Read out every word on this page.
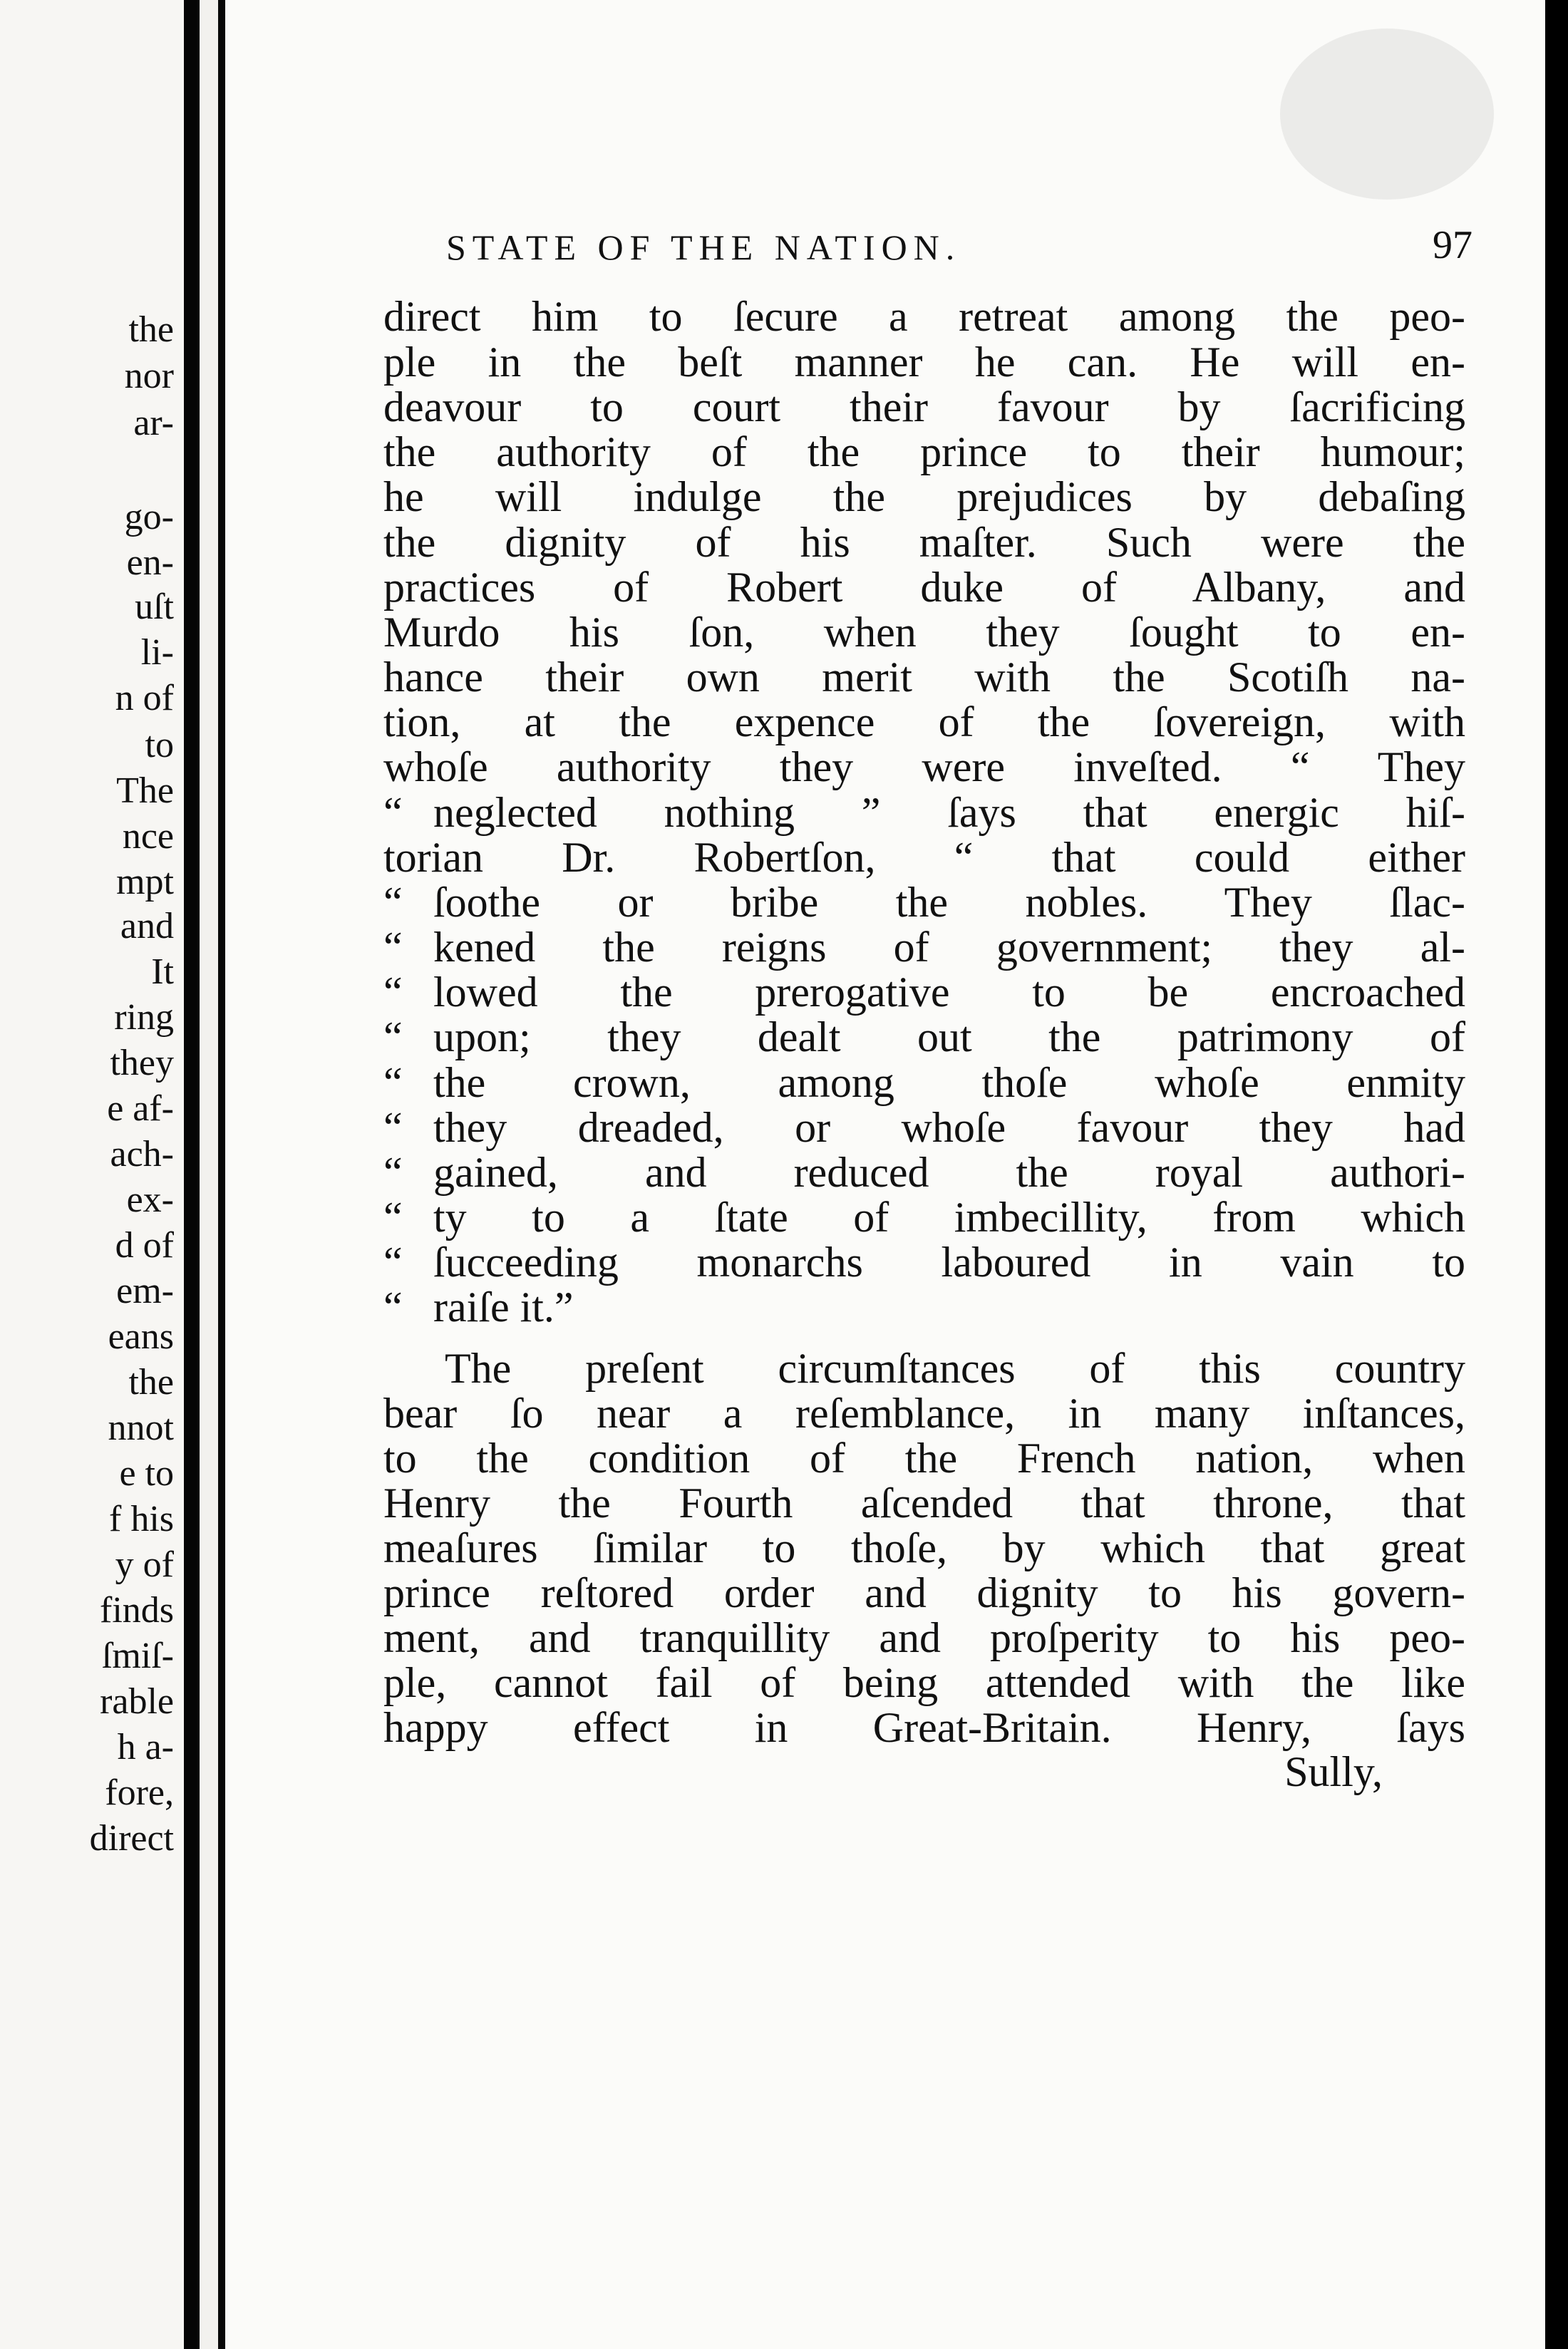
the
nor
ar-
go-
en-
uſt
li-
n of
to
The
nce
mpt
and
It
ring
they
e af-
ach-
ex-
d of
em-
eans
the
nnot
e to
f his
y of
finds
ſmiſ-
rable
h a-
fore,
direct
STATE OF THE NATION.	97
direct him to ſecure a retreat among the peo-
ple in the beſt manner he can. He will en-
deavour to court their favour by ſacrificing
the authority of the prince to their humour;
he will indulge the prejudices by debaſing
the dignity of his maſter. Such were the
practices of Robert duke of Albany, and
Murdo his ſon, when they ſought to en-
hance their own merit with the Scotiſh na-
tion, at the expence of the ſovereign, with
whoſe authority they were inveſted. “ They
“ neglected nothing ” ſays that energic hiſ-
torian Dr. Robertſon, “ that could either
“ ſoothe or bribe the nobles. They ſlac-
“ kened the reigns of government; they al-
“ lowed the prerogative to be encroached
“ upon; they dealt out the patrimony of
“ the crown, among thoſe whoſe enmity
“ they dreaded, or whoſe favour they had
“ gained, and reduced the royal authori-
“ ty to a ſtate of imbecillity, from which
“ ſucceeding monarchs laboured in vain to
“ raiſe it.”
The preſent circumſtances of this country
bear ſo near a reſemblance, in many inſtances,
to the condition of the French nation, when
Henry the Fourth aſcended that throne, that
meaſures ſimilar to thoſe, by which that great
prince reſtored order and dignity to his govern-
ment, and tranquillity and proſperity to his peo-
ple, cannot fail of being attended with the like
happy effect in Great-Britain. Henry, ſays
Sully,
